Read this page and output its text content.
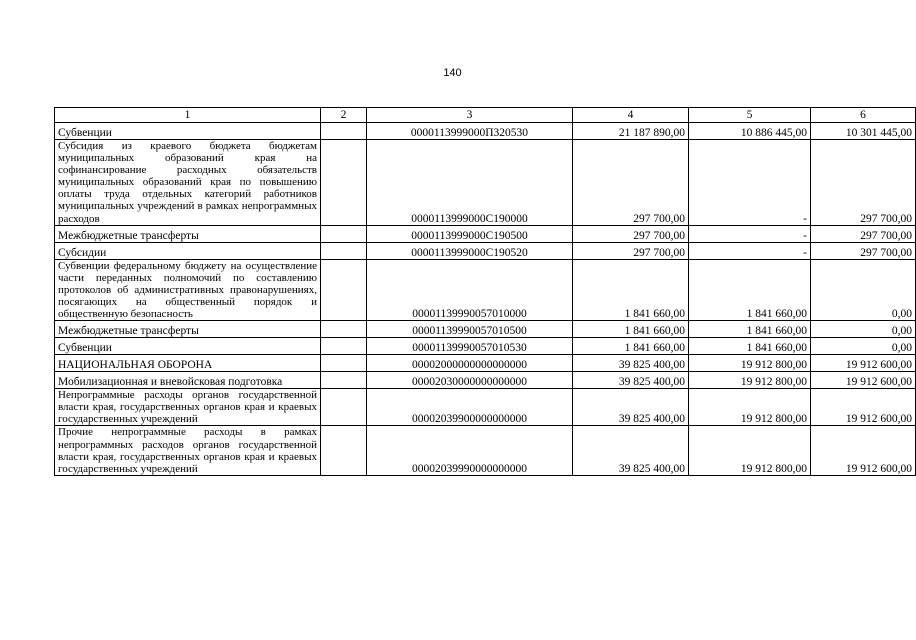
140
1	2	3	4	5	6
Субвенции		0000113999000П320530	21 187 890,00	10 886 445,00	10 301 445,00
Субсидия из краевого бюджета бюджетам муниципальных образований края на софинансирование расходных обязательств муниципальных образований края по повышению оплаты труда отдельных категорий работников муниципальных учреждений в рамках непрограммных расходов		0000113999000С190000	297 700,00	-	297 700,00
Межбюджетные трансферты		0000113999000С190500	297 700,00	-	297 700,00
Субсидии		0000113999000С190520	297 700,00	-	297 700,00
Субвенции федеральному бюджету на осуществление части переданных полномочий по составлению протоколов об административных правонарушениях, посягающих на общественный порядок и общественную безопасность		00001139990057010000	1 841 660,00	1 841 660,00	0,00
Межбюджетные трансферты		00001139990057010500	1 841 660,00	1 841 660,00	0,00
Субвенции		00001139990057010530	1 841 660,00	1 841 660,00	0,00
НАЦИОНАЛЬНАЯ ОБОРОНА		00002000000000000000	39 825 400,00	19 912 800,00	19 912 600,00
Мобилизационная и вневойсковая подготовка		00002030000000000000	39 825 400,00	19 912 800,00	19 912 600,00
Непрограммные расходы органов государственной власти края, государственных органов края и краевых государственных учреждений		00002039900000000000	39 825 400,00	19 912 800,00	19 912 600,00
Прочие непрограммные расходы в рамках непрограммных расходов органов государственной власти края, государственных органов края и краевых государственных учреждений		00002039990000000000	39 825 400,00	19 912 800,00	19 912 600,00
